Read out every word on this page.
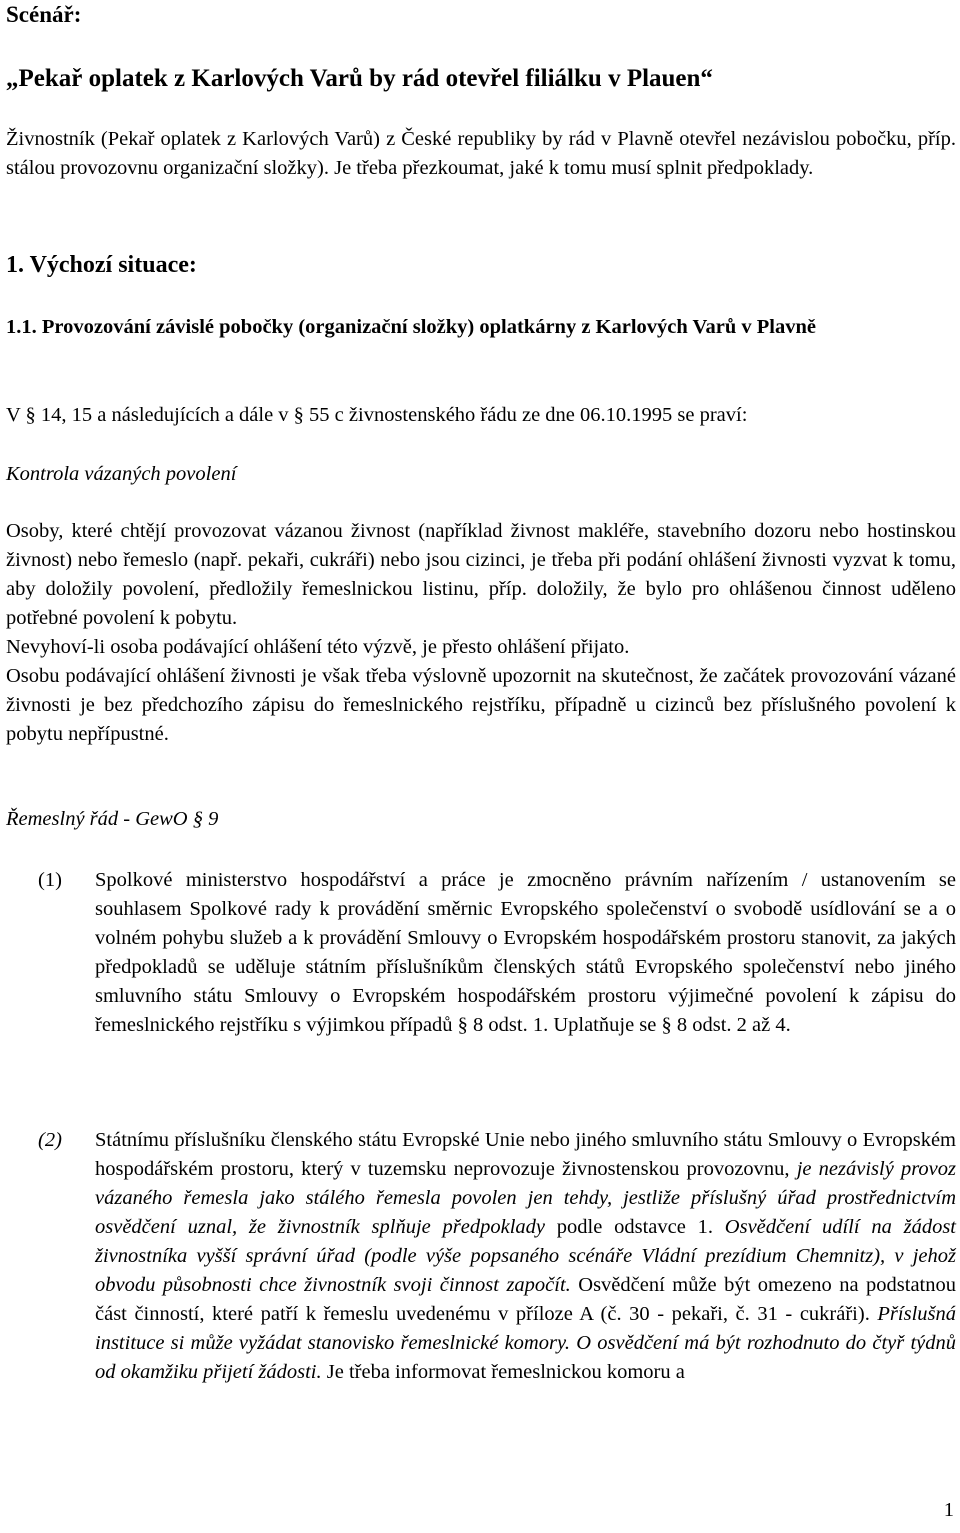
Scénář:
„Pekař oplatek z Karlových Varů by rád otevřel filiálku v Plauen“
Živnostník (Pekař oplatek z Karlových Varů) z České republiky by rád v Plavně otevřel nezávislou pobočku, příp. stálou provozovnu organizační složky). Je třeba přezkoumat, jaké k tomu musí splnit předpoklady.
1. Výchozí situace:
1.1. Provozování závislé pobočky (organizační složky) oplatkárny z Karlových Varů v Plavně
V § 14, 15 a následujících a dále v § 55 c živnostenského řádu ze dne 06.10.1995 se praví:
Kontrola vázaných povolení

Osoby, které chtějí provozovat vázanou živnost (například živnost makléře, stavebního dozoru nebo hostinskou živnost) nebo řemeslo (např. pekaři, cukráři) nebo jsou cizinci, je třeba při podání ohlášení živnosti vyzvat k tomu, aby doložily povolení, předložily řemeslnickou listinu, příp. doložily, že bylo pro ohlášenou činnost uděleno potřebné povolení k pobytu.

Nevyhoví-li osoba podávající ohlášení této výzvě, je přesto ohlášení přijato.

Osobu podávající ohlášení živnosti je však třeba výslovně upozornit na skutečnost, že začátek provozování vázané živnosti je bez předchozího zápisu do řemeslnického rejstříku, případně u cizinců bez příslušného povolení k pobytu nepřípustné.

Řemeslný řád - GewO § 9
(1) Spolkové ministerstvo hospodářství a práce je zmocněno právním nařízením / ustanovením se souhlasem Spolkové rady k provádění směrnic Evropského společenství o svobodě usídlování se a o volném pohybu služeb a k provádění Smlouvy o Evropském hospodářském prostoru stanovit, za jakých předpokladů se uděluje státním příslušníkům členských států Evropského společenství nebo jiného smluvního státu Smlouvy o Evropském hospodářském prostoru výjimečné povolení k zápisu do řemeslnického rejstříku s výjimkou případů § 8 odst. 1. Uplatňuje se § 8 odst. 2 až 4.
(2) Státnímu příslušníku členského státu Evropské Unie nebo jiného smluvního státu Smlouvy o Evropském hospodářském prostoru, který v tuzemsku neprovozuje živnostenskou provozovnu, je nezávislý provoz vázaného řemesla jako stálého řemesla povolen jen tehdy, jestliže příslušný úřad prostřednictvím osvědčení uznal, že živnostník splňuje předpoklady podle odstavce 1. Osvědčení udílí na žádost živnostníka vyšší správní úřad (podle výše popsaného scénáře Vládní prezídium Chemnitz), v jehož obvodu působnosti chce živnostník svoji činnost započít. Osvědčení může být omezeno na podstatnou část činností, které patří k řemeslu uvedenému v příloze A (č. 30 - pekaři, č. 31 - cukráři). Příslušná instituce si může vyžádat stanovisko řemeslnické komory. O osvědčení má být rozhodnuto do čtyř týdnů od okamžiku přijetí žádosti. Je třeba informovat řemeslnickou komoru a
1
